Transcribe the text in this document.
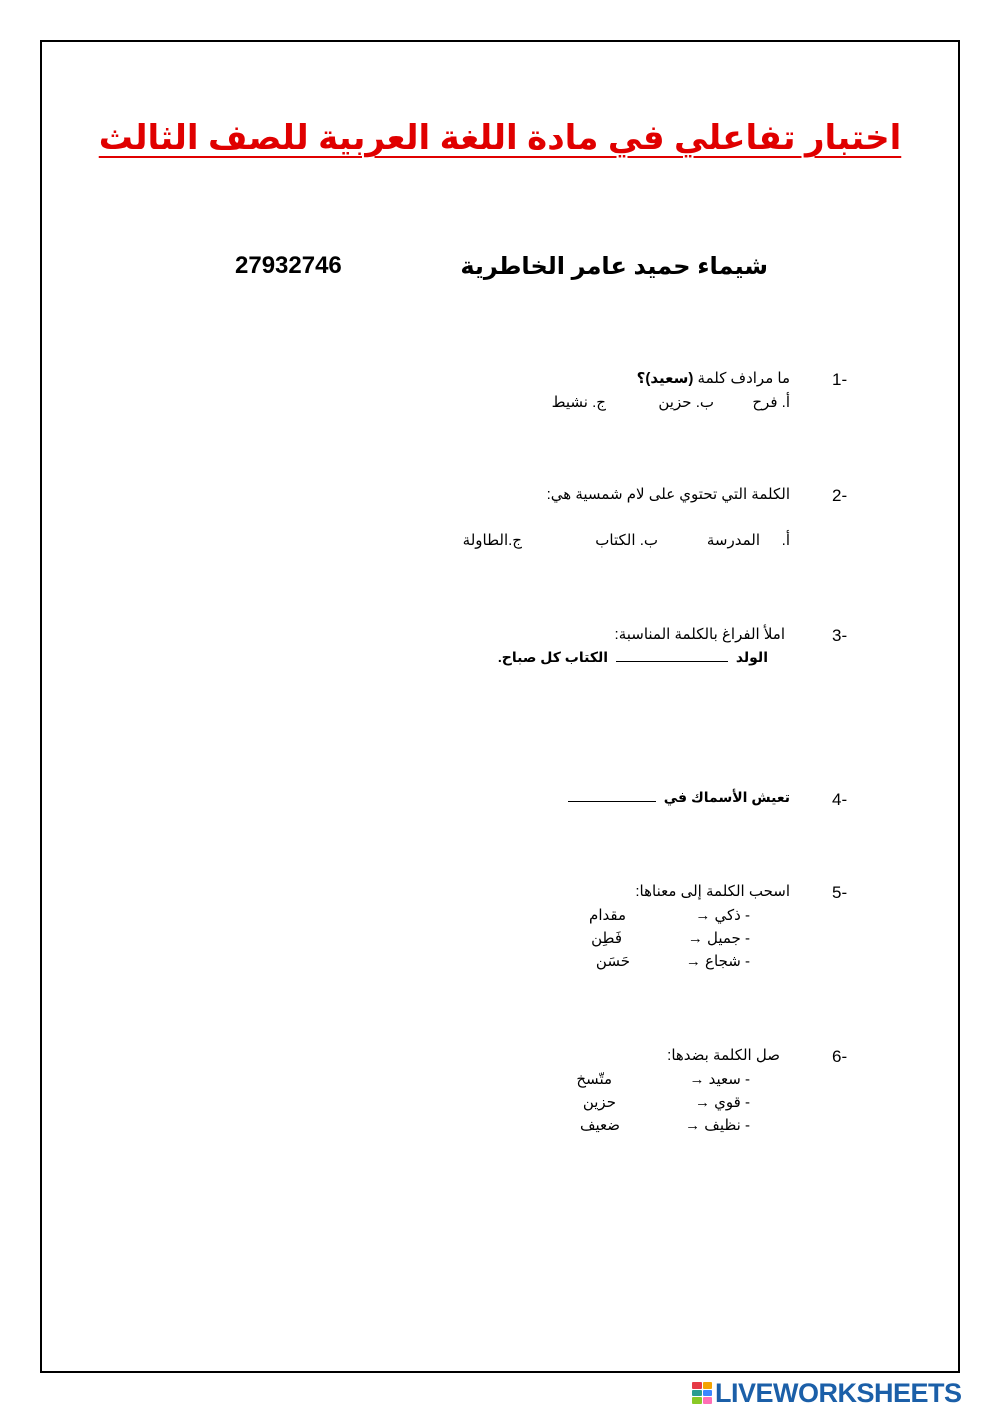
اختبار تفاعلي في مادة اللغة العربية للصف الثالث
شيماء حميد عامر الخاطرية
27932746
1-
ما مرادف كلمة (سعيد)؟
أ. فرح
ب. حزين
ج. نشيط
2-
الكلمة التي تحتوي على لام شمسية هي:
أ.
المدرسة
ب. الكتاب
ج.الطاولة
3-
املأ الفراغ بالكلمة المناسبة:
الولد  الكتاب كل صباح.
4-
تعيش الأسماك في
5-
اسحب الكلمة إلى معناها:
- ذكي →
مقدام
- جميل →
فَطِن
- شجاع →
حَسَن
6-
صل الكلمة بضدها:
- سعيد →
متّسخ
- قوي →
حزين
- نظيف →
ضعيف
LIVEWORKSHEETS
